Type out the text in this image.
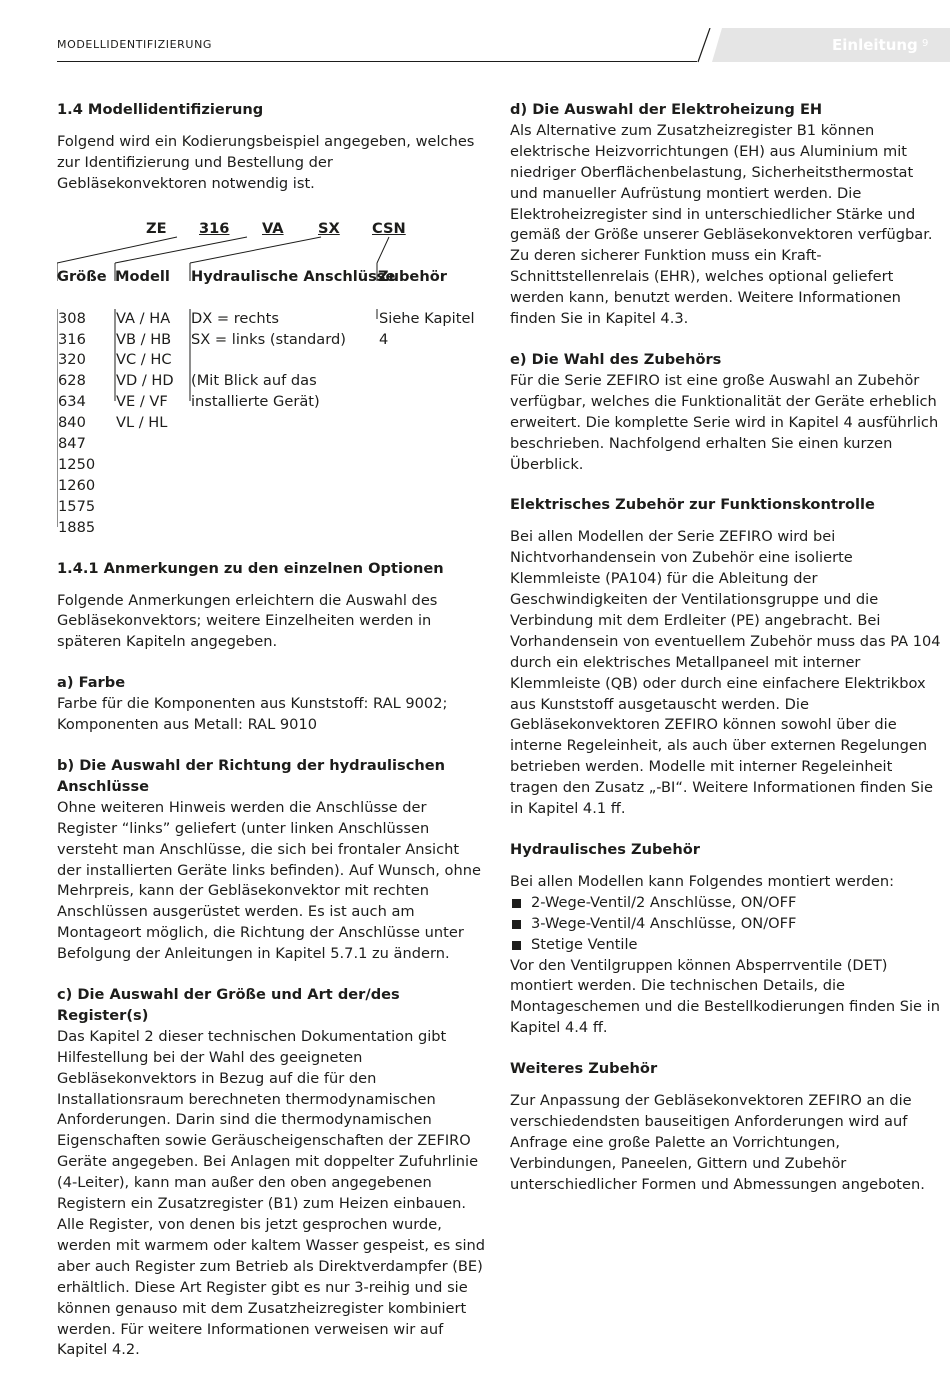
MODELLIDENTIFIZIERUNG	Einleitung 9

1.4 Modellidentifizierung

Folgend wird ein Kodierungsbeispiel angegeben, welches zur Identifizierung und Bestellung der Gebläsekonvektoren notwendig ist.

ZE 316 VA SX CSN
Größe Modell Hydraulische Anschlüsse
Zubehör
308
316
320
628
634
840
847
1250
1260
1575
1885
VA / HA
VB / HB
VC / HC
VD / HD
VE / VF
VL / HL
DX = rechts
SX = links (standard)
(Mit Blick auf das
installierte Gerät)
Siehe Kapitel 4

1.4.1 Anmerkungen zu den einzelnen Optionen

Folgende Anmerkungen erleichtern die Auswahl des Gebläsekonvektors; weitere Einzelheiten werden in späteren Kapiteln angegeben.

a) Farbe

Farbe für die Komponenten aus Kunststoff: RAL 9002; Komponenten aus Metall: RAL 9010

b) Die Auswahl der Richtung der hydraulischen Anschlüsse

Ohne weiteren Hinweis werden die Anschlüsse der Register “links” geliefert (unter linken Anschlüssen versteht man Anschlüsse, die sich bei frontaler Ansicht der installierten Geräte links befinden). Auf Wunsch, ohne Mehrpreis, kann der Gebläsekonvektor mit rechten Anschlüssen ausgerüstet werden. Es ist auch am Montageort möglich, die Richtung der Anschlüsse unter Befolgung der Anleitungen in Kapitel 5.7.1 zu ändern.

c) Die Auswahl der Größe und Art der/des Register(s)

Das Kapitel 2 dieser technischen Dokumentation gibt Hilfestellung bei der Wahl des geeigneten Gebläsekonvektors in Bezug auf die für den Installationsraum berechneten thermodynamischen Anforderungen. Darin sind die thermodynamischen Eigenschaften sowie Geräuscheigenschaften der ZEFIRO Geräte angegeben. Bei Anlagen mit doppelter Zufuhrlinie (4-Leiter), kann man außer den oben angegebenen Registern ein Zusatzregister (B1) zum Heizen einbauen. Alle Register, von denen bis jetzt gesprochen wurde, werden mit warmem oder kaltem Wasser gespeist, es sind aber auch Register zum Betrieb als Direktverdampfer (BE) erhältlich. Diese Art Register gibt es nur 3-reihig und sie können genauso mit dem Zusatzheizregister kombiniert werden. Für weitere Informationen verweisen wir auf Kapitel 4.2.

d) Die Auswahl der Elektroheizung EH

Als Alternative zum Zusatzheizregister B1 können elektrische Heizvorrichtungen (EH) aus Aluminium mit niedriger Oberflächenbelastung, Sicherheitsthermostat und manueller Aufrüstung montiert werden. Die Elektroheizregister sind in unterschiedlicher Stärke und gemäß der Größe unserer Gebläsekonvektoren verfügbar. Zu deren sicherer Funktion muss ein Kraft-Schnittstellenrelais (EHR), welches optional geliefert werden kann, benutzt werden. Weitere Informationen finden Sie in Kapitel 4.3.

e) Die Wahl des Zubehörs

Für die Serie ZEFIRO ist eine große Auswahl an Zubehör verfügbar, welches die Funktionalität der Geräte erheblich erweitert. Die komplette Serie wird in Kapitel 4 ausführlich beschrieben. Nachfolgend erhalten Sie einen kurzen Überblick.

Elektrisches Zubehör zur Funktionskontrolle

Bei allen Modellen der Serie ZEFIRO wird bei Nichtvorhandensein von Zubehör eine isolierte Klemmleiste (PA104) für die Ableitung der Geschwindigkeiten der Ventilationsgruppe und die Verbindung mit dem Erdleiter (PE) angebracht. Bei Vorhandensein von eventuellem Zubehör muss das PA 104 durch ein elektrisches Metallpaneel mit interner Klemmleiste (QB) oder durch eine einfachere Elektrikbox aus Kunststoff ausgetauscht werden. Die Gebläsekonvektoren ZEFIRO können sowohl über die interne Regeleinheit, als auch über externen Regelungen betrieben werden. Modelle mit interner Regeleinheit tragen den Zusatz „-BI“. Weitere Informationen finden Sie in Kapitel 4.1 ff.

Hydraulisches Zubehör

Bei allen Modellen kann Folgendes montiert werden:

2-Wege-Ventil/2 Anschlüsse, ON/OFF
3-Wege-Ventil/4 Anschlüsse, ON/OFF
Stetige Ventile

Vor den Ventilgruppen können Absperrventile (DET) montiert werden. Die technischen Details, die Montageschemen und die Bestellkodierungen finden Sie in Kapitel 4.4 ff.

Weiteres Zubehör

Zur Anpassung der Gebläsekonvektoren ZEFIRO an die verschiedendsten bauseitigen Anforderungen wird auf Anfrage eine große Palette an Vorrichtungen, Verbindungen, Paneelen, Gittern und Zubehör unterschiedlicher Formen und Abmessungen angeboten.
